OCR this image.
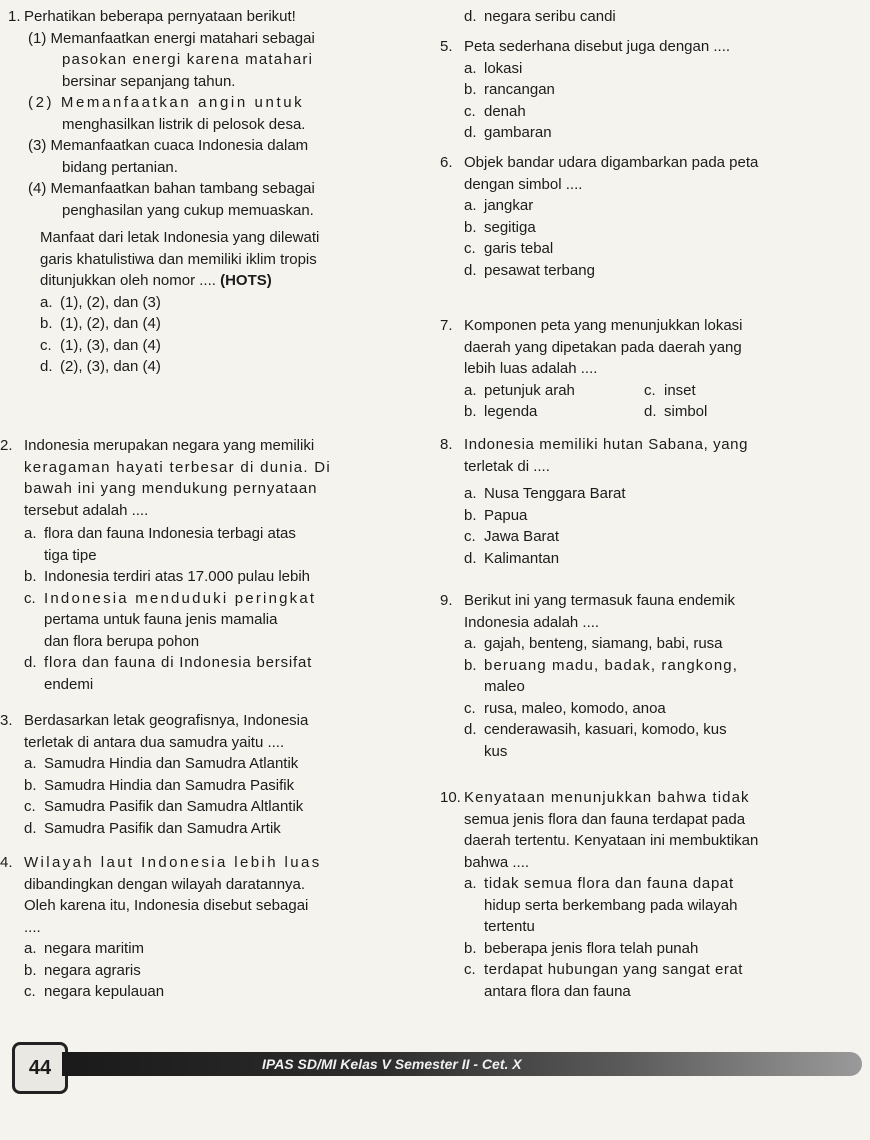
1. Perhatikan beberapa pernyataan berikut!
(1) Memanfaatkan energi matahari sebagai
pasokan energi karena matahari
bersinar sepanjang tahun.
(2) Memanfaatkan angin untuk
menghasilkan listrik di pelosok desa.
(3) Memanfaatkan cuaca Indonesia dalam
bidang pertanian.
(4) Memanfaatkan bahan tambang sebagai
penghasilan yang cukup memuaskan.
Manfaat dari letak Indonesia yang dilewati
garis khatulistiwa dan memiliki iklim tropis
ditunjukkan oleh nomor .... (HOTS)
a. (1), (2), dan (3)
b. (1), (2), dan (4)
c. (1), (3), dan (4)
d. (2), (3), dan (4)
2. Indonesia merupakan negara yang memiliki
keragaman hayati terbesar di dunia. Di
bawah ini yang mendukung pernyataan
tersebut adalah ....
a. flora dan fauna Indonesia terbagi atas
tiga tipe
b. Indonesia terdiri atas 17.000 pulau lebih
c. Indonesia menduduki peringkat
pertama untuk fauna jenis mamalia
dan flora berupa pohon
d. flora dan fauna di Indonesia bersifat
endemi
3. Berdasarkan letak geografisnya, Indonesia
terletak di antara dua samudra yaitu ....
a. Samudra Hindia dan Samudra Atlantik
b. Samudra Hindia dan Samudra Pasifik
c. Samudra Pasifik dan Samudra Altlantik
d. Samudra Pasifik dan Samudra Artik
4. Wilayah laut Indonesia lebih luas
dibandingkan dengan wilayah daratannya.
Oleh karena itu, Indonesia disebut sebagai
....
a. negara maritim
b. negara agraris
c. negara kepulauan
d. negara seribu candi
5. Peta sederhana disebut juga dengan ....
a. lokasi
b. rancangan
c. denah
d. gambaran
6. Objek bandar udara digambarkan pada peta
dengan simbol ....
a. jangkar
b. segitiga
c. garis tebal
d. pesawat terbang
7. Komponen peta yang menunjukkan lokasi
daerah yang dipetakan pada daerah yang
lebih luas adalah ....
a. petunjuk arah	c. inset
b. legenda	d. simbol
8. Indonesia memiliki hutan Sabana, yang
terletak di ....
a. Nusa Tenggara Barat
b. Papua
c. Jawa Barat
d. Kalimantan
9. Berikut ini yang termasuk fauna endemik
Indonesia adalah ....
a. gajah, benteng, siamang, babi, rusa
b. beruang madu, badak, rangkong,
maleo
c. rusa, maleo, komodo, anoa
d. cenderawasih, kasuari, komodo, kus
kus
10. Kenyataan menunjukkan bahwa tidak
semua jenis flora dan fauna terdapat pada
daerah tertentu. Kenyataan ini membuktikan
bahwa ....
a. tidak semua flora dan fauna dapat
hidup serta berkembang pada wilayah
tertentu
b. beberapa jenis flora telah punah
c. terdapat hubungan yang sangat erat
antara flora dan fauna
44	IPAS SD/MI Kelas V Semester II - Cet. X
